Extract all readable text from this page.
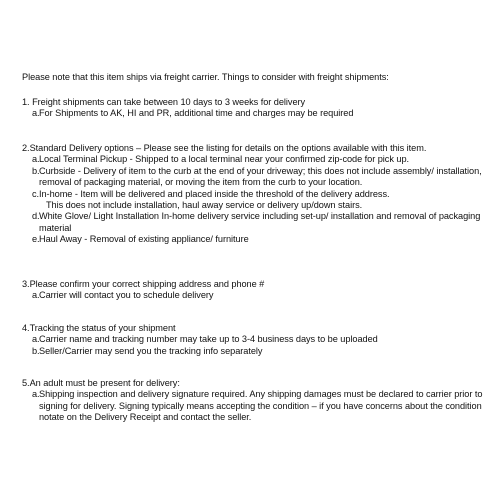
Please note that this item ships via freight carrier. Things to consider with freight shipments:
1. Freight shipments can take between 10 days to 3 weeks for delivery
a. For Shipments to AK, HI and PR, additional time and charges may be required
2.Standard Delivery options – Please see the listing for details on the options available with this item.
a. Local Terminal Pickup - Shipped to a local terminal near your confirmed zip-code for pick up.
b. Curbside - Delivery of item to the curb at the end of your driveway; this does not include assembly/ installation, removal of packaging material, or moving the item from the curb to your location.
c. In-home - Item will be delivered and placed inside the threshold of the delivery address.
This does not include installation, haul away service or delivery up/down stairs.
d. White Glove/ Light Installation In-home delivery service including set-up/ installation and removal of packaging material
e. Haul Away - Removal of existing appliance/ furniture
3.Please confirm your correct shipping address and phone #
a. Carrier will contact you to schedule delivery
4.Tracking the status of your shipment
a. Carrier name and tracking number may take up to 3-4 business days to be uploaded
b. Seller/Carrier may send you the tracking info separately
5.An adult must be present for delivery:
a. Shipping inspection and delivery signature required. Any shipping damages must be declared to carrier prior to signing for delivery. Signing typically means accepting the condition – if you have concerns about the condition notate on the Delivery Receipt and contact the seller.
